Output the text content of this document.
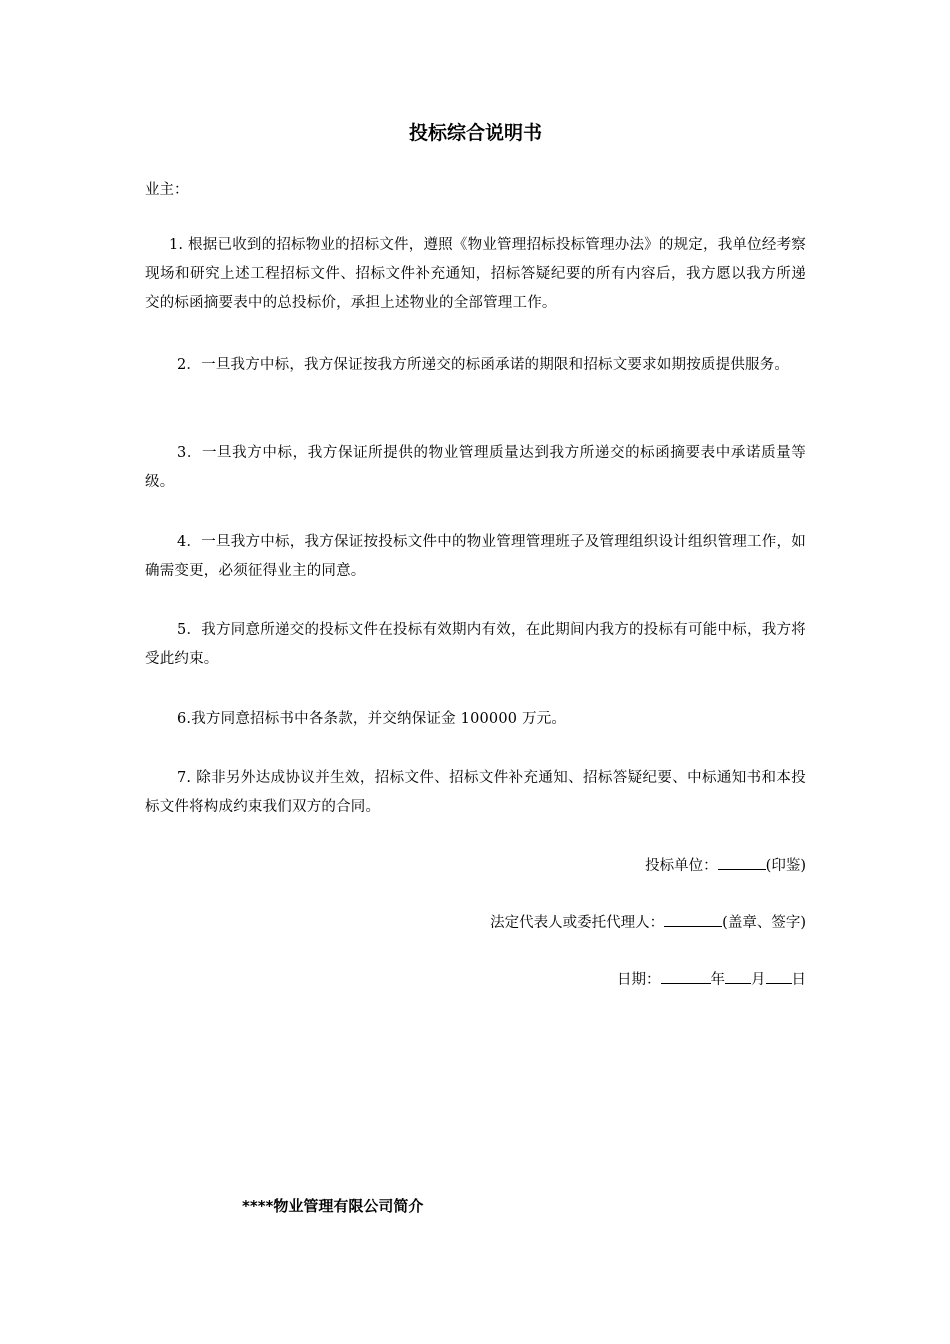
投标综合说明书
业主：
1. 根据已收到的招标物业的招标文件，遵照《物业管理招标投标管理办法》的规定，我单位经考察现场和研究上述工程招标文件、招标文件补充通知，招标答疑纪要的所有内容后，我方愿以我方所递交的标函摘要表中的总投标价，承担上述物业的全部管理工作。
2．一旦我方中标，我方保证按我方所递交的标函承诺的期限和招标文要求如期按质提供服务。
3．一旦我方中标，我方保证所提供的物业管理质量达到我方所递交的标函摘要表中承诺质量等级。
4．一旦我方中标，我方保证按投标文件中的物业管理管理班子及管理组织设计组织管理工作，如确需变更，必须征得业主的同意。
5．我方同意所递交的投标文件在投标有效期内有效，在此期间内我方的投标有可能中标，我方将受此约束。
6.我方同意招标书中各条款，并交纳保证金 100000 万元。
7. 除非另外达成协议并生效，招标文件、招标文件补充通知、招标答疑纪要、中标通知书和本投标文件将构成约束我们双方的合同。
投标单位：	(印鉴)
法定代表人或委托代理人：	(盖章、签字)
日期：	年 月 日
****物业管理有限公司简介
